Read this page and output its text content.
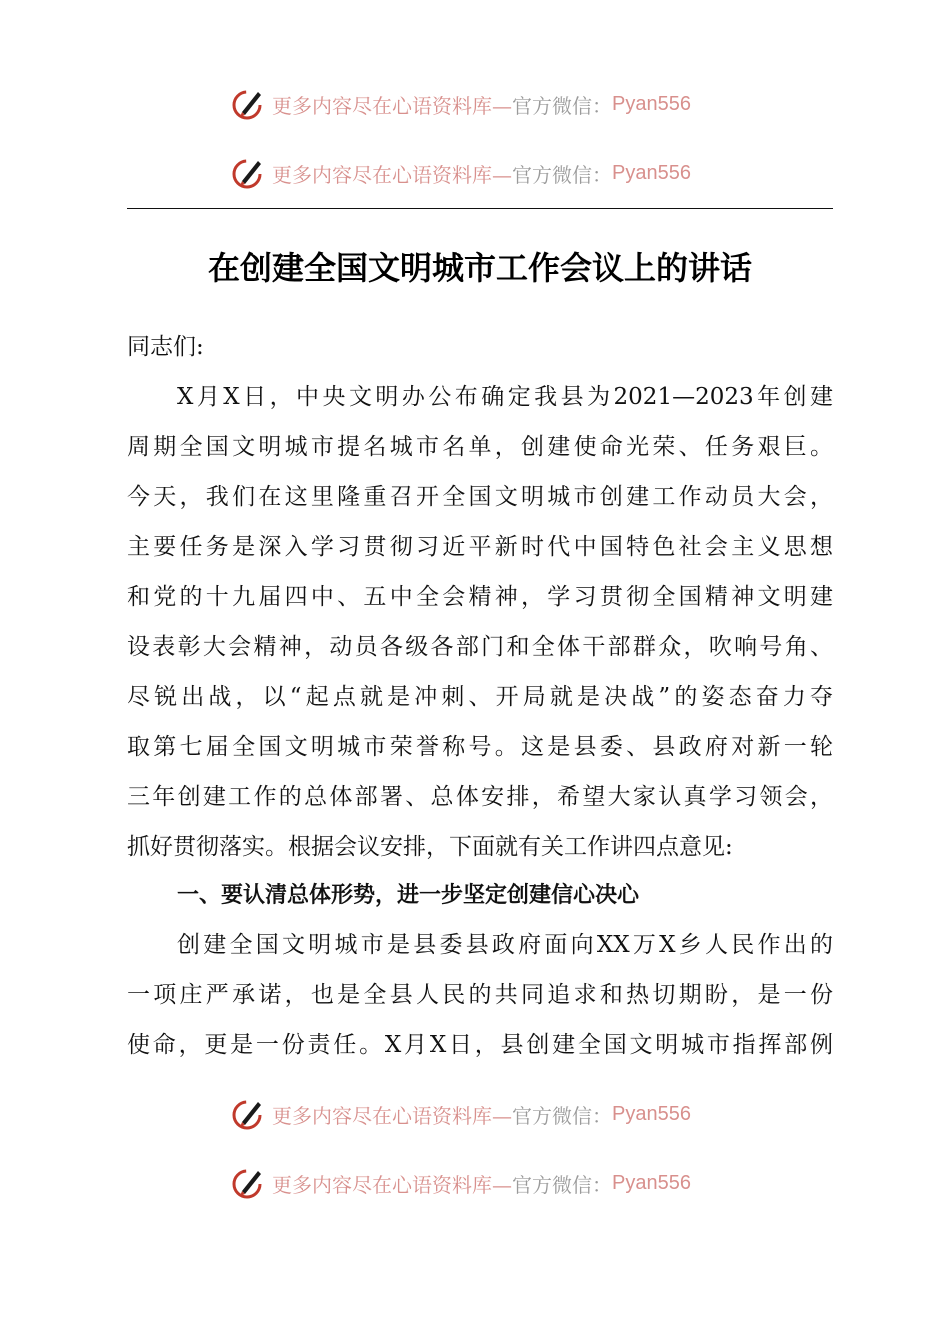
更多内容尽在心语资料库— 官方微信： Pyan556
更多内容尽在心语资料库— 官方微信： Pyan556
在创建全国文明城市工作会议上的讲话
同志们:
X月X日，中央文明办公布确定我县为2021—2023年创建
周期全国文明城市提名城市名单，创建使命光荣、任务艰巨。
今天，我们在这里隆重召开全国文明城市创建工作动员大会，
主要任务是深入学习贯彻习近平新时代中国特色社会主义思想
和党的十九届四中、五中全会精神，学习贯彻全国精神文明建
设表彰大会精神，动员各级各部门和全体干部群众，吹响号角、
尽锐出战，以“起点就是冲刺、开局就是决战”的姿态奋力夺
取第七届全国文明城市荣誉称号。这是县委、县政府对新一轮
三年创建工作的总体部署、总体安排，希望大家认真学习领会，
抓好贯彻落实。根据会议安排，下面就有关工作讲四点意见:
一、要认清总体形势，进一步坚定创建信心决心
创建全国文明城市是县委县政府面向XX万X乡人民作出的
一项庄严承诺，也是全县人民的共同追求和热切期盼，是一份
使命，更是一份责任。X月X日，县创建全国文明城市指挥部例
更多内容尽在心语资料库— 官方微信： Pyan556
更多内容尽在心语资料库— 官方微信： Pyan556
